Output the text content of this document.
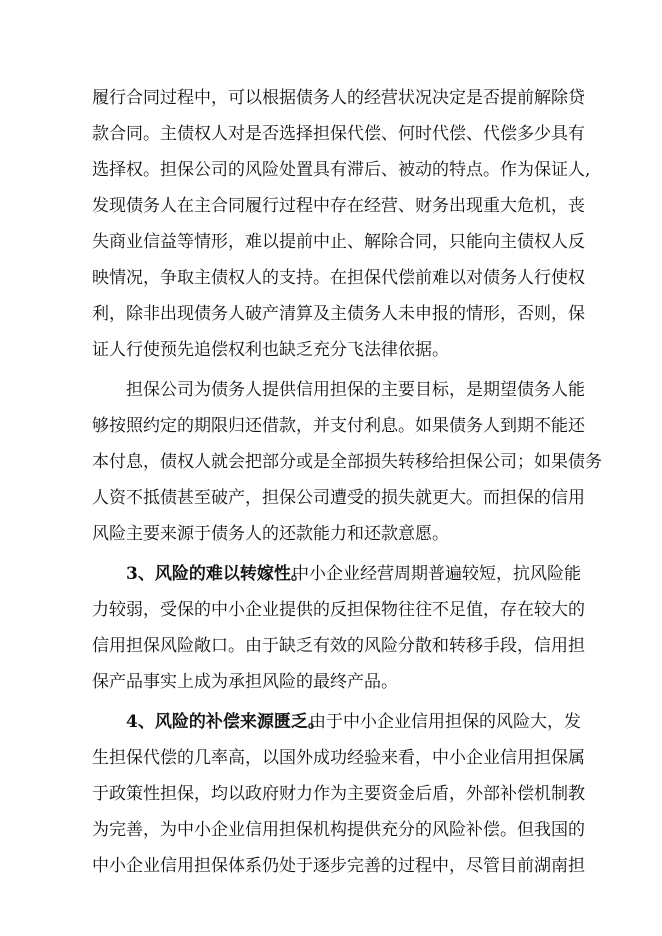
履行合同过程中，可以根据债务人的经营状况决定是否提前解除贷
款合同。主债权人对是否选择担保代偿、何时代偿、代偿多少具有
选择权。担保公司的风险处置具有滞后、被动的特点。作为保证人,
发现债务人在主合同履行过程中存在经营、财务出现重大危机，丧
失商业信益等情形，难以提前中止、解除合同，只能向主债权人反
映情况，争取主债权人的支持。在担保代偿前难以对债务人行使权
利，除非出现债务人破产清算及主债务人未申报的情形，否则，保
证人行使预先追偿权利也缺乏充分飞法律依据。
担保公司为债务人提供信用担保的主要目标，是期望债务人能
够按照约定的期限归还借款，并支付利息。如果债务人到期不能还
本付息，债权人就会把部分或是全部损失转移给担保公司；如果债务
人资不抵债甚至破产，担保公司遭受的损失就更大。而担保的信用
风险主要来源于债务人的还款能力和还款意愿。
3、风险的难以转嫁性。
中小企业经营周期普遍较短，抗风险能
力较弱，受保的中小企业提供的反担保物往往不足值，存在较大的
信用担保风险敞口。由于缺乏有效的风险分散和转移手段，信用担
保产品事实上成为承担风险的最终产品。
4、风险的补偿来源匮乏。
由于中小企业信用担保的风险大，发
生担保代偿的几率高，以国外成功经验来看，中小企业信用担保属
于政策性担保，均以政府财力作为主要资金后盾，外部补偿机制教
为完善，为中小企业信用担保机构提供充分的风险补偿。但我国的
中小企业信用担保体系仍处于逐步完善的过程中，尽管目前湖南担
